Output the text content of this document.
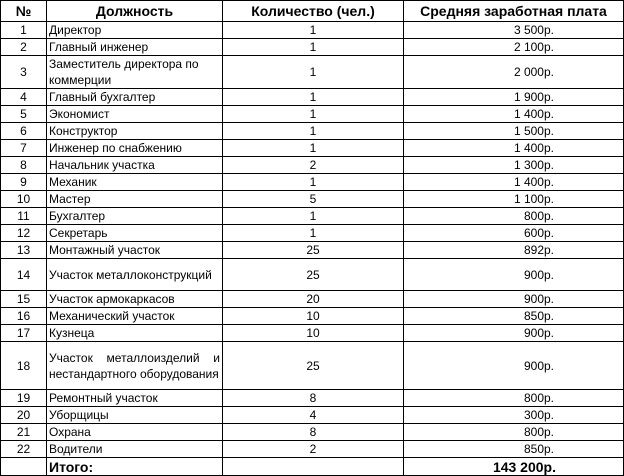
№	Должность	Количество (чел.)	Средняя заработная плата
1	Директор	1	3 500р.
2	Главный инженер	1	2 100р.
3	Заместитель директора по коммерции	1	2 000р.
4	Главный бухгалтер	1	1 900р.
5	Экономист	1	1 400р.
6	Конструктор	1	1 500р.
7	Инженер по снабжению	1	1 400р.
8	Начальник участка	2	1 300р.
9	Механик	1	1 400р.
10	Мастер	5	1 100р.
11	Бухгалтер	1	800р.
12	Секретарь	1	600р.
13	Монтажный участок	25	892р.
14	Участок металлоконструкций	25	900р.
15	Участок армокаркасов	20	900р.
16	Механический участок	10	850р.
17	Кузнеца	10	900р.
18	Участок металлоизделий и нестандартного оборудования	25	900р.
19	Ремонтный участок	8	800р.
20	Уборщицы	4	300р.
21	Охрана	8	800р.
22	Водители	2	850р.
	Итого:		143 200р.
